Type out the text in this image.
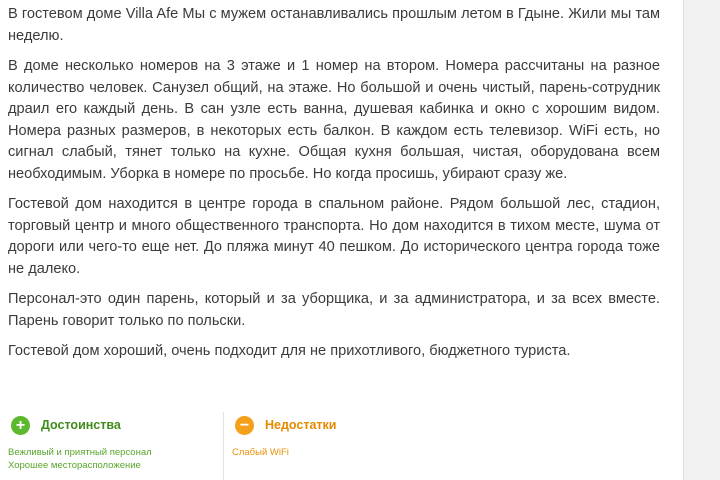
В гостевом доме Villa Afe Мы с мужем останавливались прошлым летом в Гдыне. Жили мы там неделю.

В доме несколько номеров на 3 этаже и 1 номер на втором. Номера рассчитаны на разное количество человек. Санузел общий, на этаже. Но большой и очень чистый, парень-сотрудник драил его каждый день. В сан узле есть ванна, душевая кабинка и окно с хорошим видом. Номера разных размеров, в некоторых есть балкон. В каждом есть телевизор. WiFi есть, но сигнал слабый, тянет только на кухне. Общая кухня большая, чистая, оборудована всем необходимым. Уборка в номере по просьбе. Но когда просишь, убирают сразу же.

Гостевой дом находится в центре города в спальном районе. Рядом большой лес, стадион, торговый центр и много общественного транспорта. Но дом находится в тихом месте, шума от дороги или чего-то еще нет. До пляжа минут 40 пешком. До исторического центра города тоже не далеко.

Персонал-это один парень, который и за уборщика, и за администратора, и за всех вместе. Парень говорит только по польски.

Гостевой дом хороший, очень подходит для не прихотливого, бюджетного туриста.

+	Достоинства
Вежливый и приятный персонал
Хорошее месторасположение
−	Недостатки
Слабый WiFi
